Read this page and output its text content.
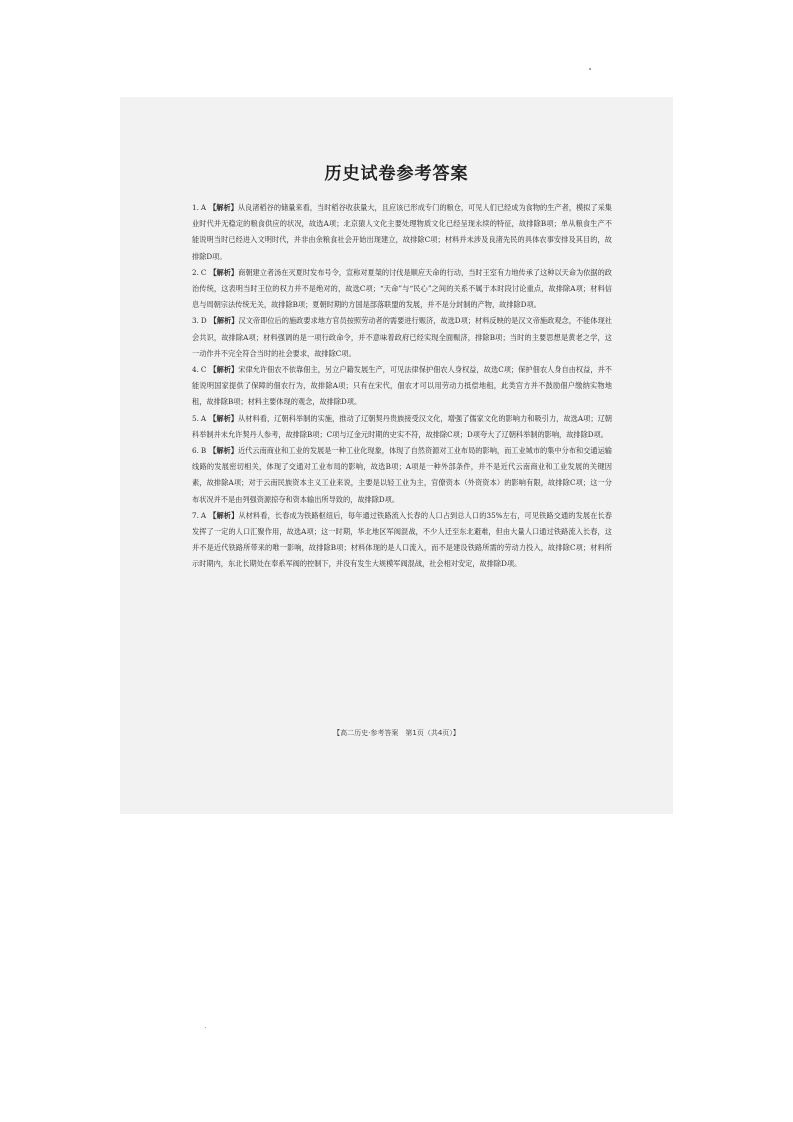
历史试卷参考答案

1. A 【解析】从良渚稻谷的储量来看，当时稻谷收获量大，且应该已形成专门的粮仓，可见人们已经成为食物的生产者，模拟了采集业时代并无稳定的粮食供应的状况，故选A项；北京猿人文化主要处理物质文化已经呈现永续的特征，故排除B项；单从粮食生产不能说明当时已经进入文明时代，并非由余粮食社会开始出现建立，故排除C项；材料并未涉及良渚先民的具体农事安排及其目的，故排除D项。

2. C 【解析】商朝建立者汤在灭夏时发布号令，宣称对夏桀的讨伐是顺应天命的行动，当时王室有力地传承了这种以天命为依据的政治传统，这表明当时王位的权力并不是绝对的，故选C项；“天命”与“民心”之间的关系不属于本时段讨论重点，故排除A项；材料信息与周朝宗法传统无关，故排除B项；夏朝时期的方国是部落联盟的发展，并不是分封制的产物，故排除D项。

3. D 【解析】汉文帝即位后的施政要求地方官员按照劳动者的需要进行赈济，故选D项；材料反映的是汉文帝施政观念，不能体现社会共识，故排除A项；材料强调的是一项行政命令，并不意味着政府已经实现全面赈济，排除B项；当时的主要思想是黄老之学，这一动作并不完全符合当时的社会要求，故排除C项。

4. C 【解析】宋律允许佃农不依靠佃主，另立户籍发展生产，可见法律保护佃农人身权益，故选C项；保护佃农人身自由权益，并不能说明国家提供了保障的佃农行为，故排除A项；只有在宋代，佃农才可以用劳动力抵偿地租，此类官方并不鼓励佃户缴纳实物地租，故排除B项；材料主要体现的观念，故排除D项。

5. A 【解析】从材料看，辽朝科举制的实施，推动了辽朝契丹贵族接受汉文化，增强了儒家文化的影响力和吸引力，故选A项；辽朝科举制并未允许契丹人参考，故排除B项；C项与辽金元时期的史实不符，故排除C项；D项夸大了辽朝科举制的影响，故排除D项。

6. B 【解析】近代云南商业和工业的发展是一种工业化现象，体现了自然资源对工业布局的影响，而工业城市的集中分布和交通运输线路的发展密切相关，体现了交通对工业布局的影响，故选B项；A项是一种外部条件，并不是近代云南商业和工业发展的关键因素，故排除A项；对于云南民族资本主义工业来说，主要是以轻工业为主，官僚资本（外资资本）的影响有限，故排除C项；这一分布状况并不是由列强资源掠夺和资本输出所导致的，故排除D项。

7. A 【解析】从材料看，长春成为铁路枢纽后，每年通过铁路流入长春的人口占到总人口的35%左右，可见铁路交通的发展在长春发挥了一定的人口汇聚作用，故选A项；这一时期，华北地区军阀混战，不少人迁至东北避难，但由大量人口通过铁路流入长春，这并不是近代铁路所带来的唯一影响，故排除B项；材料体现的是人口流入，而不是建设铁路所需的劳动力投入，故排除C项；材料所示时期内，东北长期处在奉系军阀的控制下，并没有发生大规模军阀混战，社会相对安定，故排除D项。

【高二历史·参考答案　第1页（共4页）】
